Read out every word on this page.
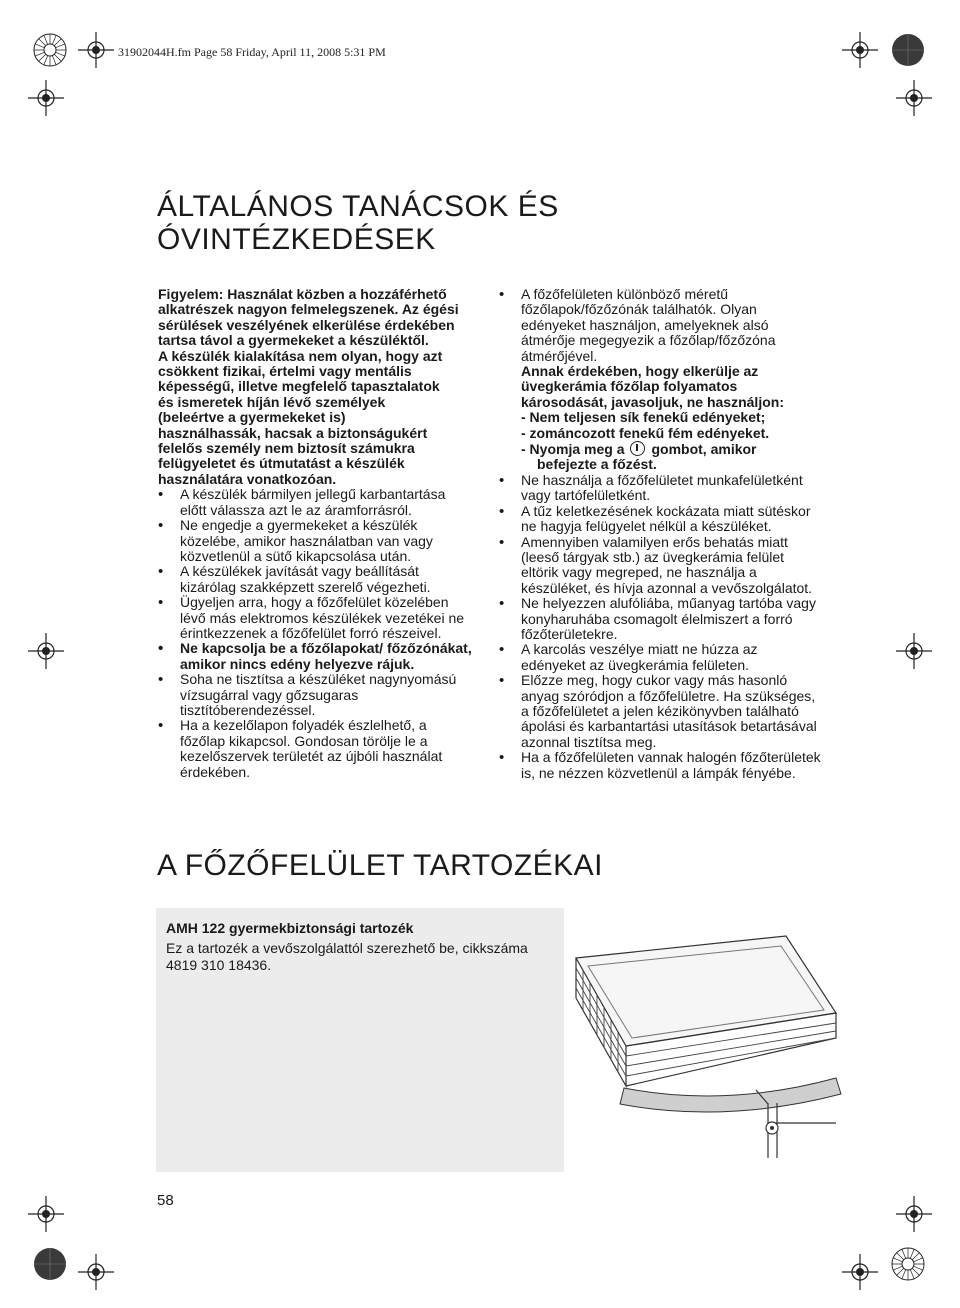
31902044H.fm Page 58 Friday, April 11, 2008 5:31 PM
ÁLTALÁNOS TANÁCSOK ÉS
ÓVINTÉZKEDÉSEK
Figyelem: Használat közben a hozzáférhető
alkatrészek nagyon felmelegszenek. Az égési
sérülések veszélyének elkerülése érdekében
tartsa távol a gyermekeket a készüléktől.
A készülék kialakítása nem olyan, hogy azt
csökkent fizikai, értelmi vagy mentális
képességű, illetve megfelelő tapasztalatok
és ismeretek híján lévő személyek
(beleértve a gyermekeket is)
használhassák, hacsak a biztonságukért
felelős személy nem biztosít számukra
felügyeletet és útmutatást a készülék
használatára vonatkozóan.
• A készülék bármilyen jellegű karbantartása előtt válassza azt le az áramforrásról.
• Ne engedje a gyermekeket a készülék közelébe, amikor használatban van vagy közvetlenül a sütő kikapcsolása után.
• A készülékek javítását vagy beállítását kizárólag szakképzett szerelő végezheti.
• Ügyeljen arra, hogy a főzőfelület közelében lévő más elektromos készülékek vezetékei ne érintkezzenek a főzőfelület forró részeivel.
• Ne kapcsolja be a főzőlapokat/ főzőzónákat, amikor nincs edény helyezve rájuk.
• Soha ne tisztítsa a készüléket nagynyomású vízsugárral vagy gőzsugaras tisztítóberendezéssel.
• Ha a kezelőlapon folyadék észlelhető, a főzőlap kikapcsol. Gondosan törölje le a kezelőszervek területét az újbóli használat érdekében.
• A főzőfelületen különböző méretű főzőlapok/főzőzónák találhatók. Olyan edényeket használjon, amelyeknek alsó átmérője megegyezik a főzőlap/főzőzóna átmérőjével.
Annak érdekében, hogy elkerülje az üvegkerámia főzőlap folyamatos károsodását, javasoljuk, ne használjon:
- Nem teljesen sík fenekű edényeket;
- zománcozott fenekű fém edényeket.
- Nyomja meg a gombot, amikor
befejezte a főzést.
• Ne használja a főzőfelületet munkafelületként vagy tartófelületként.
• A tűz keletkezésének kockázata miatt sütéskor ne hagyja felügyelet nélkül a készüléket.
• Amennyiben valamilyen erős behatás miatt (leeső tárgyak stb.) az üvegkerámia felület eltörik vagy megreped, ne használja a készüléket, és hívja azonnal a vevőszolgálatot.
• Ne helyezzen alufóliába, műanyag tartóba vagy konyharuhába csomagolt élelmiszert a forró főzőterületekre.
• A karcolás veszélye miatt ne húzza az edényeket az üvegkerámia felületen.
• Előzze meg, hogy cukor vagy más hasonló anyag szóródjon a főzőfelületre. Ha szükséges, a főzőfelületet a jelen kézikönyvben található ápolási és karbantartási utasítások betartásával azonnal tisztítsa meg.
• Ha a főzőfelületen vannak halogén főzőterületek is, ne nézzen közvetlenül a lámpák fényébe.
A FŐZŐFELÜLET TARTOZÉKAI
AMH 122 gyermekbiztonsági tartozék
Ez a tartozék a vevőszolgálattól szerezhető be, cikkszáma 4819 310 18436.
58
